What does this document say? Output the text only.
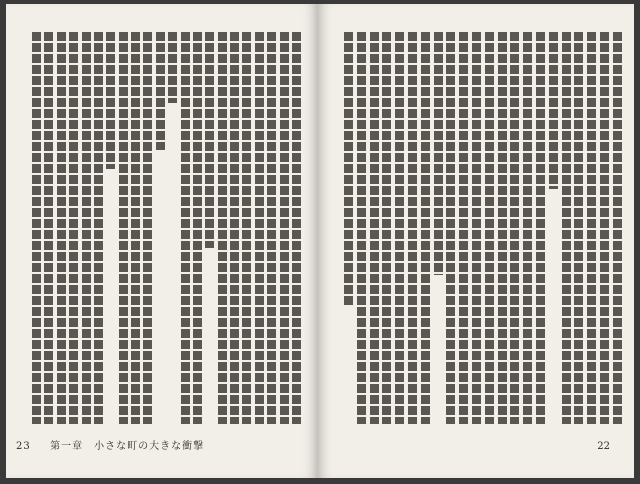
23 　 第一章　小さな町の大きな衝撃	22
